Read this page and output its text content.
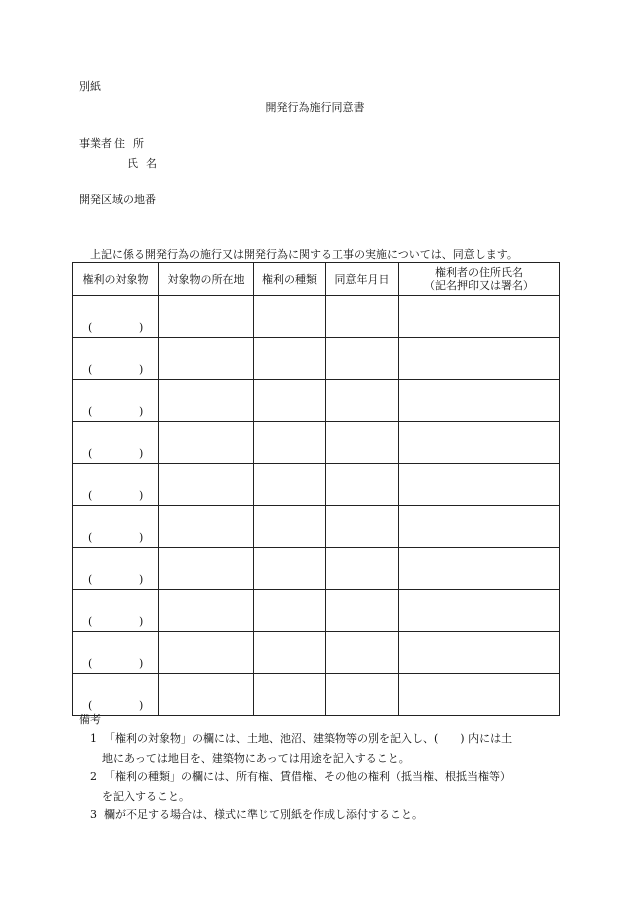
別紙
開発行為施行同意書
事業者 住所
氏名
開発区域の地番
上記に係る開発行為の施行又は開発行為に関する工事の実施については、同意します。
権利の対象物	対象物の所在地	権利の種類	同意年月日	権利者の住所氏名
（記名押印又は署名）

( )				

( )				

( )				

( )				

( )				

( )				

( )				

( )				

( )				

( )				

備考
1 「権利の対象物」の欄には、土地、池沼、建築物等の別を記入し、(　　) 内には土
地にあっては地目を、建築物にあっては用途を記入すること。
2 「権利の種類」の欄には、所有権、賃借権、その他の権利（抵当権、根抵当権等）
を記入すること。
3 欄が不足する場合は、様式に準じて別紙を作成し添付すること。
